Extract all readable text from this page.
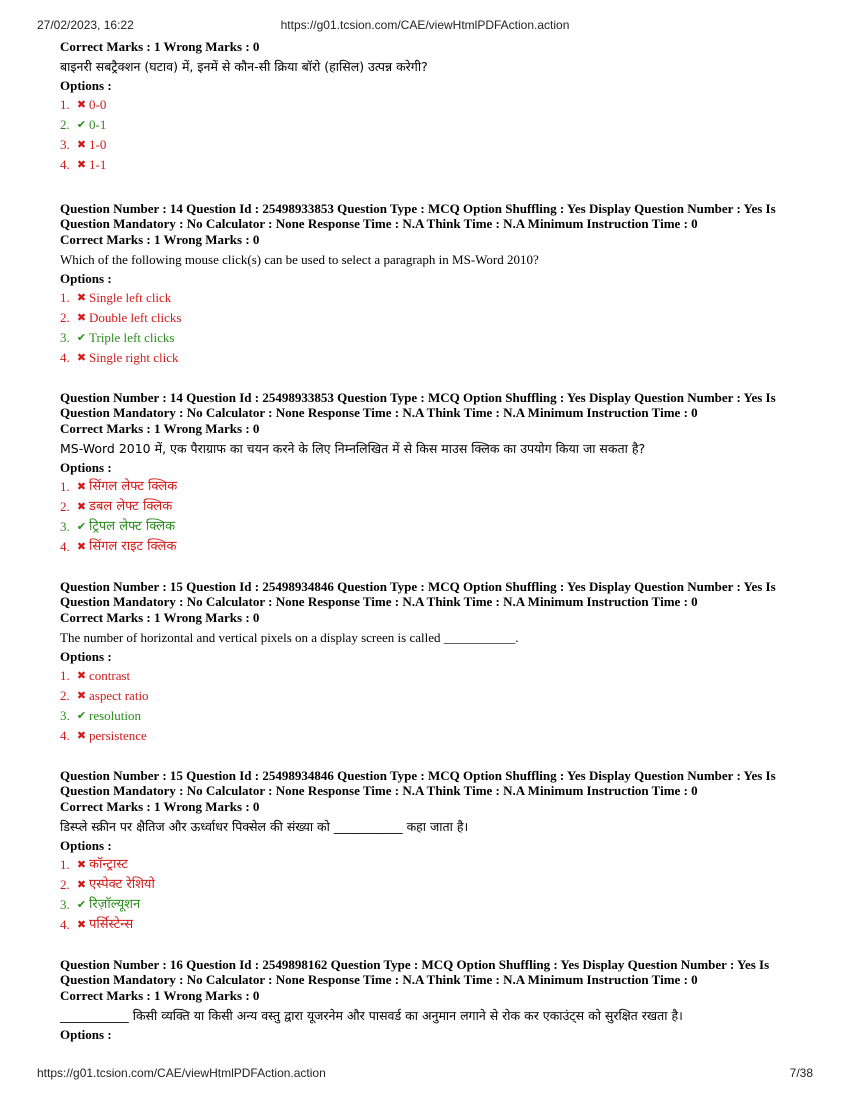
27/02/2023, 16:22	https://g01.tcsion.com/CAE/viewHtmlPDFAction.action
Correct Marks : 1 Wrong Marks : 0
बाइनरी सबट्रैक्शन (घटाव) में, इनमें से कौन-सी क्रिया बॉरो (हासिल) उत्पन्न करेगी?
Options :
1. ✖ 0-0
2. ✔ 0-1
3. ✖ 1-0
4. ✖ 1-1
Question Number : 14 Question Id : 25498933853 Question Type : MCQ Option Shuffling : Yes Display Question Number : Yes Is
Question Mandatory : No Calculator : None Response Time : N.A Think Time : N.A Minimum Instruction Time : 0
Correct Marks : 1 Wrong Marks : 0
Which of the following mouse click(s) can be used to select a paragraph in MS-Word 2010?
Options :
1. ✖ Single left click
2. ✖ Double left clicks
3. ✔ Triple left clicks
4. ✖ Single right click
Question Number : 14 Question Id : 25498933853 Question Type : MCQ Option Shuffling : Yes Display Question Number : Yes Is
Question Mandatory : No Calculator : None Response Time : N.A Think Time : N.A Minimum Instruction Time : 0
Correct Marks : 1 Wrong Marks : 0
MS-Word 2010 में, एक पैराग्राफ का चयन करने के लिए निम्नलिखित में से किस माउस क्लिक का उपयोग किया जा सकता है?
Options :
1. ✖ सिंगल लेफ्ट क्लिक
2. ✖ डबल लेफ्ट क्लिक
3. ✔ ट्रिपल लेफ्ट क्लिक
4. ✖ सिंगल राइट क्लिक
Question Number : 15 Question Id : 25498934846 Question Type : MCQ Option Shuffling : Yes Display Question Number : Yes Is
Question Mandatory : No Calculator : None Response Time : N.A Think Time : N.A Minimum Instruction Time : 0
Correct Marks : 1 Wrong Marks : 0
The number of horizontal and vertical pixels on a display screen is called ___________.
Options :
1. ✖ contrast
2. ✖ aspect ratio
3. ✔ resolution
4. ✖ persistence
Question Number : 15 Question Id : 25498934846 Question Type : MCQ Option Shuffling : Yes Display Question Number : Yes Is
Question Mandatory : No Calculator : None Response Time : N.A Think Time : N.A Minimum Instruction Time : 0
Correct Marks : 1 Wrong Marks : 0
डिस्प्ले स्क्रीन पर क्षैतिज और ऊर्ध्वाधर पिक्सेल की संख्या को ___________ कहा जाता है।
Options :
1. ✖ कॉन्ट्रास्ट
2. ✖ एस्पेक्ट रेशियो
3. ✔ रिज़ॉल्यूशन
4. ✖ पर्सिस्टेन्स
Question Number : 16 Question Id : 2549898162 Question Type : MCQ Option Shuffling : Yes Display Question Number : Yes Is
Question Mandatory : No Calculator : None Response Time : N.A Think Time : N.A Minimum Instruction Time : 0
Correct Marks : 1 Wrong Marks : 0
___________ किसी व्यक्ति या किसी अन्य वस्तु द्वारा यूजरनेम और पासवर्ड का अनुमान लगाने से रोक कर एकाउंट्स को सुरक्षित रखता है।
Options :
https://g01.tcsion.com/CAE/viewHtmlPDFAction.action	7/38
